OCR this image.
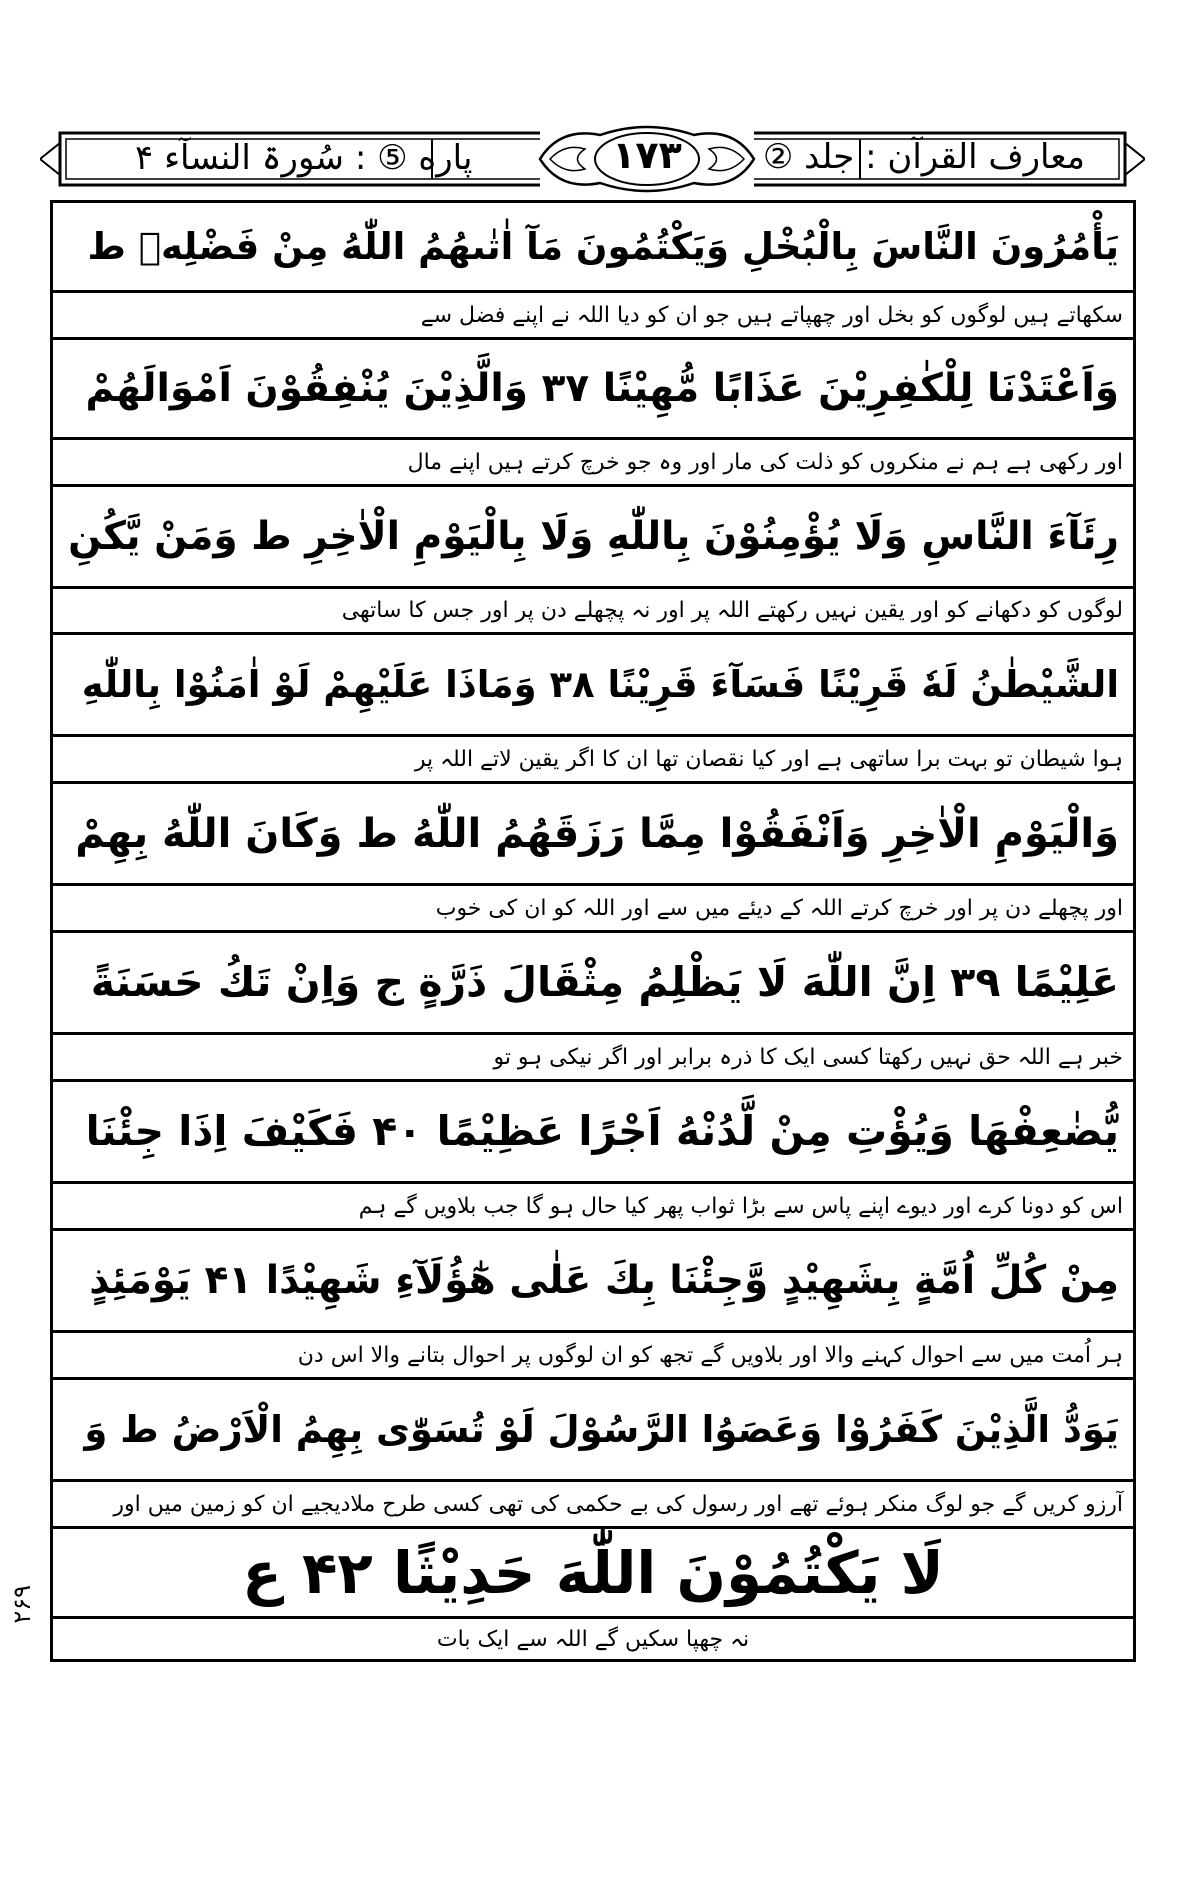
معارف القرآن : جلد ②
۱۷۳
پاره ⑤ : سُورۃ النسآء ۴
يَأْمُرُونَ النَّاسَ بِالْبُخْلِ وَيَكْتُمُونَ مَآ اٰتٰىهُمُ اللّٰهُ مِنْ فَضْلِهٖ ط
سکھاتے ہیں لوگوں کو بخل اور چھپاتے ہیں جو ان کو دیا اللہ نے اپنے فضل سے
وَاَعْتَدْنَا لِلْكٰفِرِيْنَ عَذَابًا مُّهِيْنًا ۳۷ وَالَّذِيْنَ يُنْفِقُوْنَ اَمْوَالَهُمْ
اور رکھی ہے ہم نے منکروں کو ذلت کی مار اور وہ جو خرچ کرتے ہیں اپنے مال
رِئَآءَ النَّاسِ وَلَا يُؤْمِنُوْنَ بِاللّٰهِ وَلَا بِالْيَوْمِ الْاٰخِرِ ط وَمَنْ يَّكُنِ
لوگوں کو دکھانے کو اور یقین نہیں رکھتے اللہ پر اور نہ پچھلے دن پر اور جس کا ساتھی
الشَّيْطٰنُ لَهٗ قَرِيْنًا فَسَآءَ قَرِيْنًا ۳۸ وَمَاذَا عَلَيْهِمْ لَوْ اٰمَنُوْا بِاللّٰهِ
ہوا شیطان تو بہت برا ساتھی ہے اور کیا نقصان تھا ان کا اگر یقین لاتے اللہ پر
وَالْيَوْمِ الْاٰخِرِ وَاَنْفَقُوْا مِمَّا رَزَقَهُمُ اللّٰهُ ط وَكَانَ اللّٰهُ بِهِمْ
اور پچھلے دن پر اور خرچ کرتے اللہ کے دیئے میں سے اور اللہ کو ان کی خوب
عَلِيْمًا ۳۹ اِنَّ اللّٰهَ لَا يَظْلِمُ مِثْقَالَ ذَرَّةٍ ج وَاِنْ تَكُ حَسَنَةً
خبر ہے اللہ حق نہیں رکھتا کسی ایک کا ذرہ برابر اور اگر نیکی ہو تو
يُّضٰعِفْهَا وَيُؤْتِ مِنْ لَّدُنْهُ اَجْرًا عَظِيْمًا ۴۰ فَكَيْفَ اِذَا جِئْنَا
اس کو دونا کرے اور دیوے اپنے پاس سے بڑا ثواب پھر کیا حال ہو گا جب بلاویں گے ہم
مِنْ كُلِّ اُمَّةٍ بِشَهِيْدٍ وَّجِئْنَا بِكَ عَلٰى هٰٓؤُلَآءِ شَهِيْدًا ۴۱ يَوْمَئِذٍ
ہر اُمت میں سے احوال کہنے والا اور بلاویں گے تجھ کو ان لوگوں پر احوال بتانے والا اس دن
يَوَدُّ الَّذِيْنَ كَفَرُوْا وَعَصَوُا الرَّسُوْلَ لَوْ تُسَوّٰى بِهِمُ الْاَرْضُ ط وَ
آرزو کریں گے جو لوگ منکر ہوئے تھے اور رسول کی بے حکمی کی تھی کسی طرح ملادیجیے ان کو زمین میں اور
لَا يَكْتُمُوْنَ اللّٰهَ حَدِيْثًا ۴۲ ع
نہ چھپا سکیں گے اللہ سے ایک بات
۲۶۹
